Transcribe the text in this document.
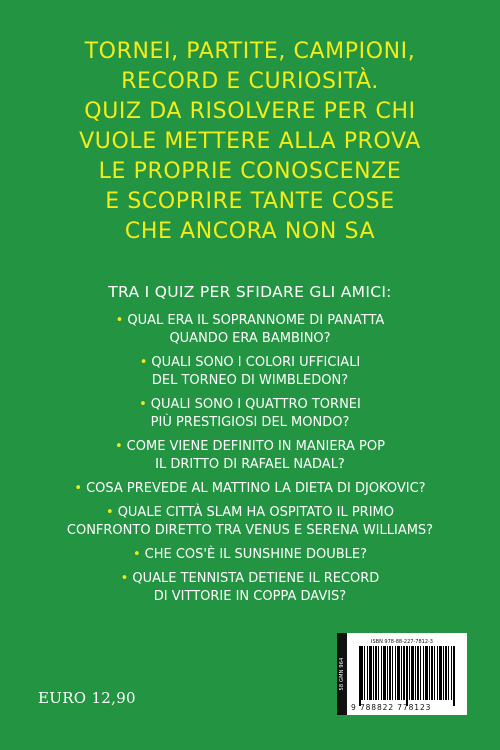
TORNEI, PARTITE, CAMPIONI,
RECORD E CURIOSITÀ.
QUIZ DA RISOLVERE PER CHI
VUOLE METTERE ALLA PROVA
LE PROPRIE CONOSCENZE
E SCOPRIRE TANTE COSE
CHE ANCORA NON SA
TRA I QUIZ PER SFIDARE GLI AMICI:
• QUAL ERA IL SOPRANNOME DI PANATTA
QUANDO ERA BAMBINO?
• QUALI SONO I COLORI UFFICIALI
DEL TORNEO DI WIMBLEDON?
• QUALI SONO I QUATTRO TORNEI
PIÙ PRESTIGIOSI DEL MONDO?
• COME VIENE DEFINITO IN MANIERA POP
IL DRITTO DI RAFAEL NADAL?
• COSA PREVEDE AL MATTINO LA DIETA DI DJOKOVIC?
• QUALE CITTÀ SLAM HA OSPITATO IL PRIMO
CONFRONTO DIRETTO TRA VENUS E SERENA WILLIAMS?
• CHE COS'È IL SUNSHINE DOUBLE?
• QUALE TENNISTA DETIENE IL RECORD
DI VITTORIE IN COPPA DAVIS?
EURO 12,90
58 GMN 964
ISBN 978-88-227-7812-3
9 788822 778123
